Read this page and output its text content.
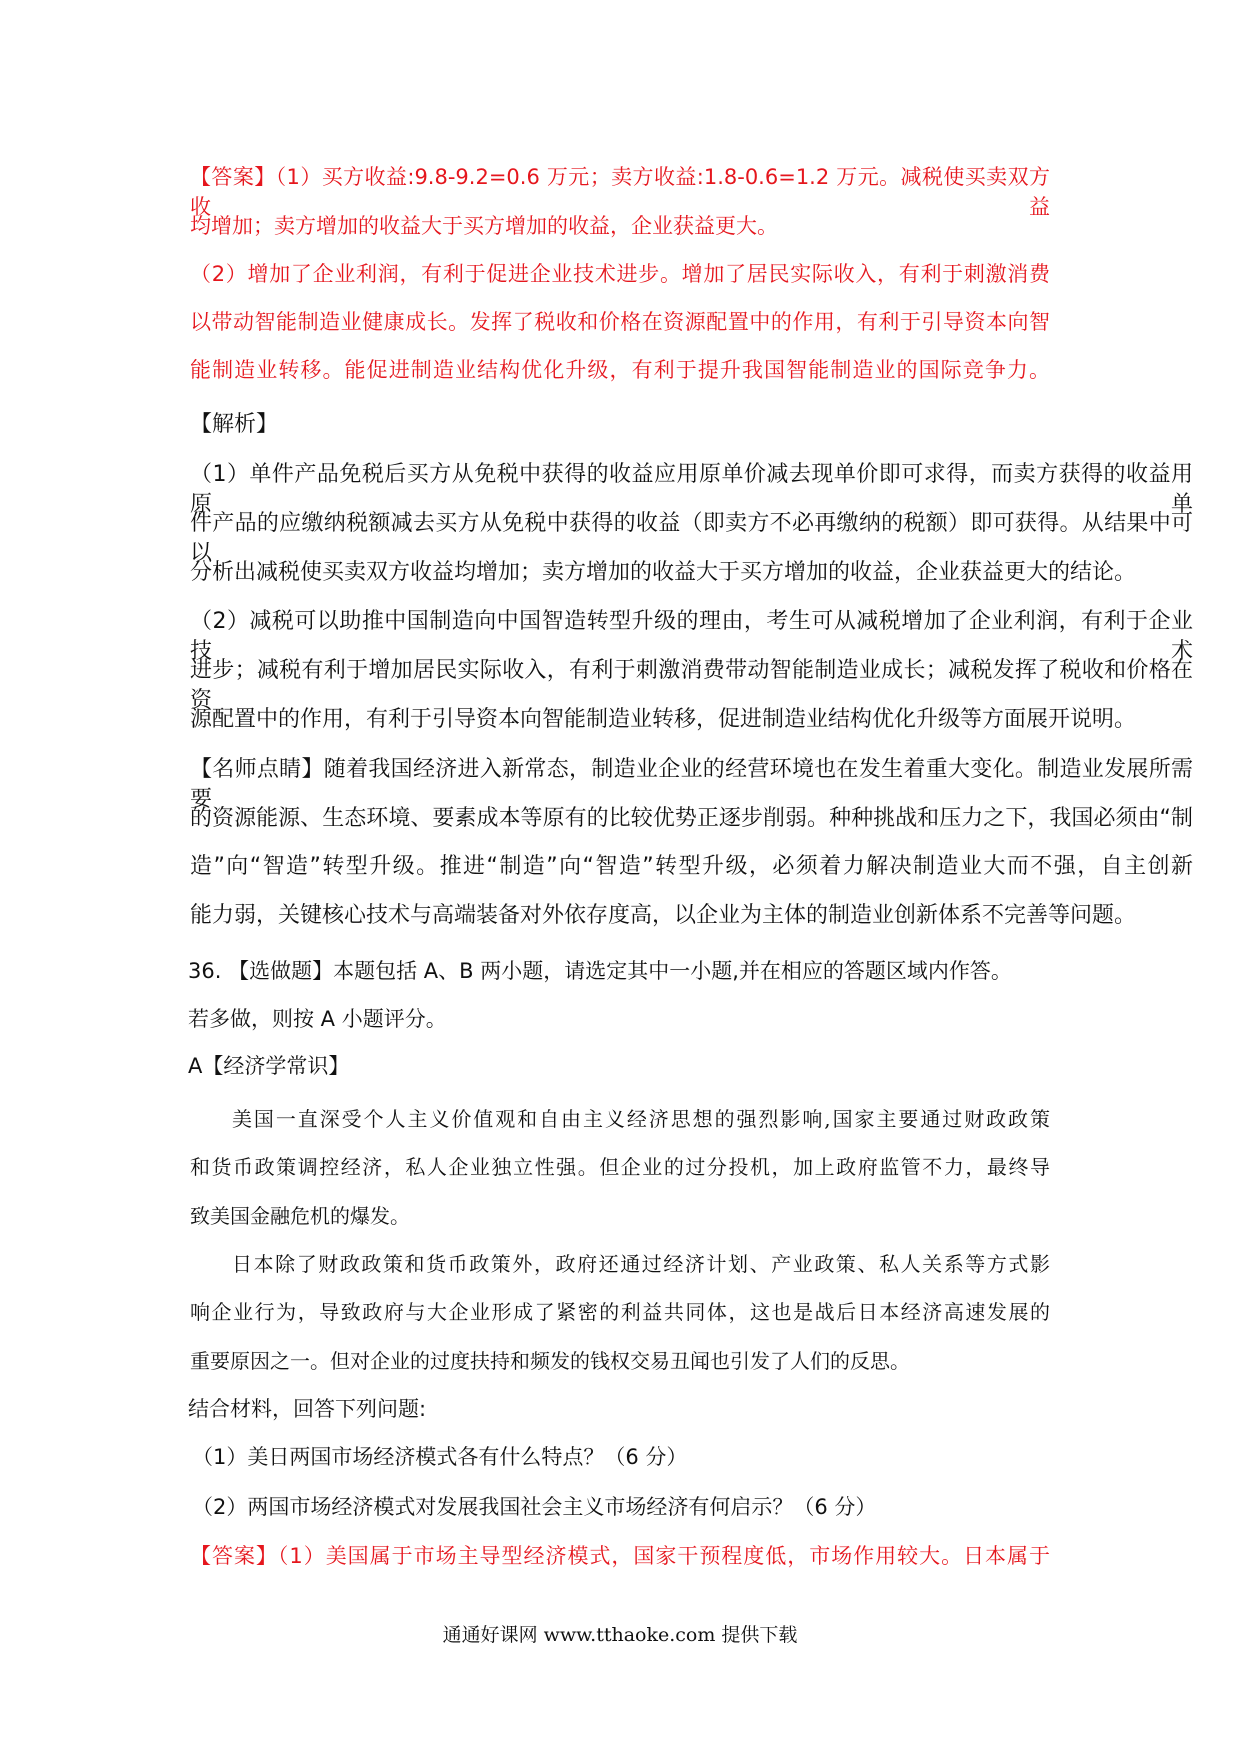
【答案】（1）买方收益:9.8-9.2=0.6 万元；卖方收益:1.8-0.6=1.2 万元。减税使买卖双方收益
均增加；卖方增加的收益大于买方增加的收益，企业获益更大。
（2）增加了企业利润，有利于促进企业技术进步。增加了居民实际收入，有利于刺激消费
以带动智能制造业健康成长。发挥了税收和价格在资源配置中的作用，有利于引导资本向智
能制造业转移。能促进制造业结构优化升级，有利于提升我国智能制造业的国际竞争力。
【解析】
（1）单件产品免税后买方从免税中获得的收益应用原单价减去现单价即可求得，而卖方获得的收益用原单
件产品的应缴纳税额减去买方从免税中获得的收益（即卖方不必再缴纳的税额）即可获得。从结果中可以
分析出减税使买卖双方收益均增加；卖方增加的收益大于买方增加的收益，企业获益更大的结论。
（2）减税可以助推中国制造向中国智造转型升级的理由，考生可从减税增加了企业利润，有利于企业技术
进步；减税有利于增加居民实际收入，有利于刺激消费带动智能制造业成长；减税发挥了税收和价格在资
源配置中的作用，有利于引导资本向智能制造业转移，促进制造业结构优化升级等方面展开说明。
【名师点睛】随着我国经济进入新常态，制造业企业的经营环境也在发生着重大变化。制造业发展所需要
的资源能源、生态环境、要素成本等原有的比较优势正逐步削弱。种种挑战和压力之下，我国必须由“制
造”向“智造”转型升级。推进“制造”向“智造”转型升级，必须着力解决制造业大而不强，自主创新
能力弱，关键核心技术与高端装备对外依存度高，以企业为主体的制造业创新体系不完善等问题。
36. 【选做题】本题包括 A、B 两小题，请选定其中一小题,并在相应的答题区域内作答。
若多做，则按 A 小题评分。
A【经济学常识】
美国一直深受个人主义价值观和自由主义经济思想的强烈影响,国家主要通过财政政策
和货币政策调控经济，私人企业独立性强。但企业的过分投机，加上政府监管不力，最终导
致美国金融危机的爆发。
日本除了财政政策和货币政策外，政府还通过经济计划、产业政策、私人关系等方式影
响企业行为，导致政府与大企业形成了紧密的利益共同体，这也是战后日本经济高速发展的
重要原因之一。但对企业的过度扶持和频发的钱权交易丑闻也引发了人们的反思。
结合材料，回答下列问题:
（1）美日两国市场经济模式各有什么特点？（6 分）
（2）两国市场经济模式对发展我国社会主义市场经济有何启示？（6 分）
【答案】（1）美国属于市场主导型经济模式，国家干预程度低，市场作用较大。日本属于
通通好课网 www.tthaoke.com 提供下载
